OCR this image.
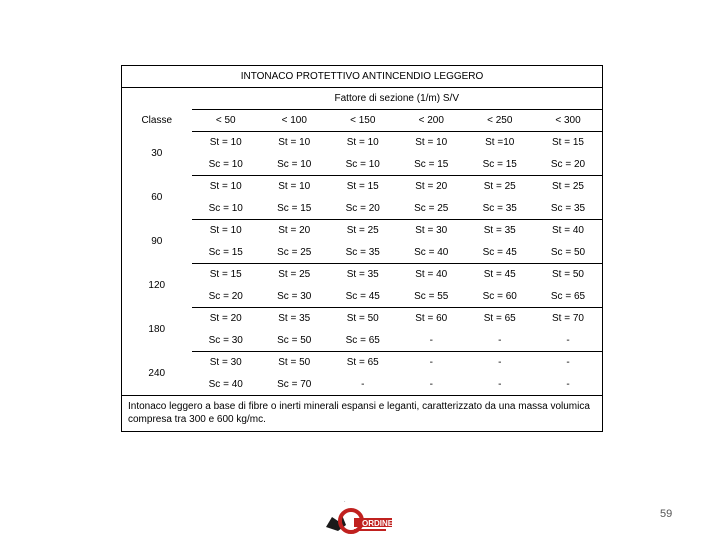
INTONACO PROTETTIVO ANTINCENDIO LEGGERO						
	Fattore di sezione (1/m) S/V					
Classe	< 50	< 100	< 150	< 200	< 250	< 300
30	St = 10	St = 10	St = 10	St = 10	St =10	St = 15
	Sc = 10	Sc = 10	Sc = 10	Sc = 15	Sc = 15	Sc = 20
60	St = 10	St = 10	St = 15	St = 20	St = 25	St = 25
	Sc = 10	Sc = 15	Sc = 20	Sc = 25	Sc = 35	Sc = 35
90	St = 10	St = 20	St = 25	St = 30	St = 35	St = 40
	Sc = 15	Sc = 25	Sc = 35	Sc = 40	Sc = 45	Sc = 50
120	St = 15	St = 25	St = 35	St = 40	St = 45	St = 50
	Sc = 20	Sc = 30	Sc = 45	Sc = 55	Sc = 60	Sc = 65
180	St = 20	St = 35	St = 50	St = 60	St = 65	St = 70
	Sc = 30	Sc = 50	Sc = 65	-	-	-
240	St = 30	St = 50	St = 65	-	-	-
	Sc = 40	Sc = 70	-	-	-	-
Intonaco leggero a base di fibre o inerti minerali espansi e leganti, caratterizzato da una massa volumica compresa tra 300 e 600 kg/mc.						
·
ORDINE
59
